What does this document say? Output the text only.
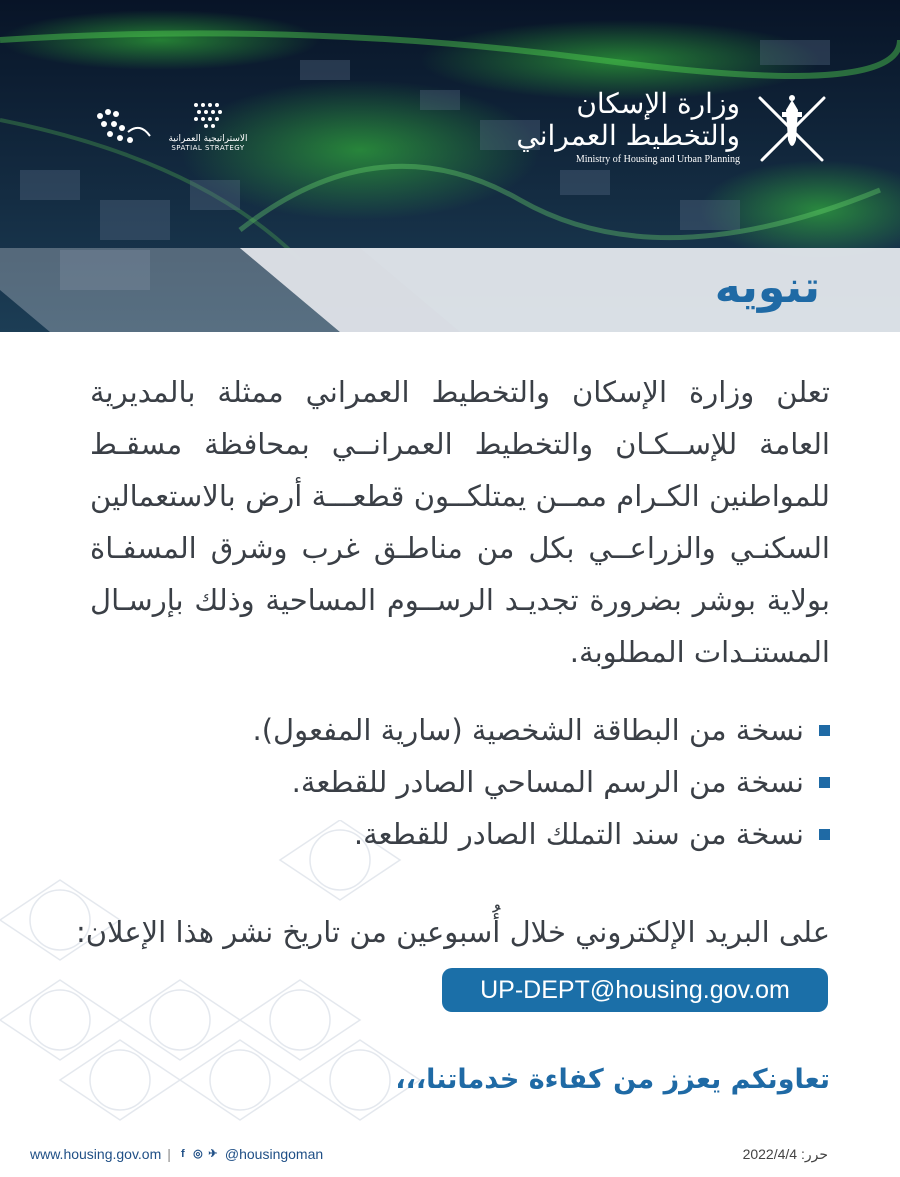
وزارة الإسكان
والتخطيط العمراني
Ministry of Housing and Urban Planning
الاستراتيجية العمرانية
SPATIAL STRATEGY
تنويه
تعلن وزارة الإسكان والتخطيط العمراني ممثلة بالمديرية العامة للإســكـان والتخطيط العمرانــي بمحافظة مسقـط للمواطنين الكـرام ممــن يمتلكــون قطعـــة أرض بالاستعمالين السكنـي والزراعــي بكل من مناطـق غرب وشرق المسفـاة بولاية بوشر بضرورة تجديـد الرســوم المساحية وذلك بإرسـال المستنـدات المطلوبة.
نسخة من البطاقة الشخصية (سارية المفعول).
نسخة من الرسم المساحي الصادر للقطعة.
نسخة من سند التملك الصادر للقطعة.
على البريد الإلكتروني خلال أُسبوعين من تاريخ نشر هذا الإعلان:
UP-DEPT@housing.gov.om
تعاونكم يعزز من كفاءة خدماتنا،،،
www.housing.gov.om | f ◎ ✈ @housingoman	حرر: 2022/4/4
